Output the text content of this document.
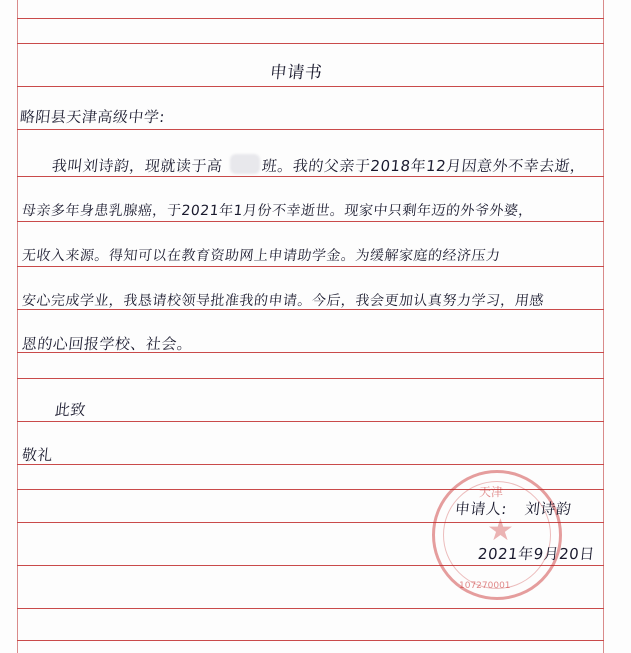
申请书
略阳县天津高级中学:
我叫刘诗韵，现就读于高	班。我的父亲于2018年12月因意外不幸去逝，
母亲多年身患乳腺癌，于2021年1月份不幸逝世。现家中只剩年迈的外爷外婆，
无收入来源。得知可以在教育资助网上申请助学金。为缓解家庭的经济压力
安心完成学业，我恳请校领导批准我的申请。今后，我会更加认真努力学习，用感
恩的心回报学校、社会。
此致
敬礼
★
天津
107270001
申请人: 刘诗韵
2021年9月20日
